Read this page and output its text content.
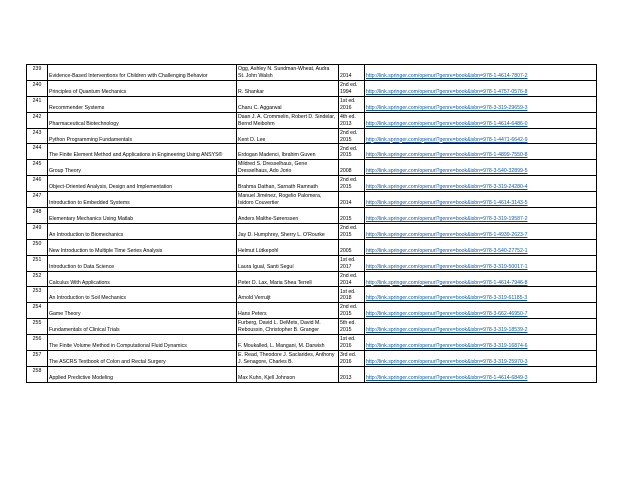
239	Evidence-Based Interventions for Children with Challenging Behavior	Ogg, Ashley N. Sundman-Wheat, Audra St. John Walsh	2014	http://link.springer.com/openurl?genre=book&isbn=978-1-4614-7807-2
240	Principles of Quantum Mechanics	R. Shankar	2nd ed. 1994	http://link.springer.com/openurl?genre=book&isbn=978-1-4757-0576-8
241	Recommender Systems	Charu C. Aggarwal	1st ed. 2016	http://link.springer.com/openurl?genre=book&isbn=978-3-319-29659-3
242	Pharmaceutical Biotechnology	Daan J. A. Crommelin, Robert D. Sindelar, Bernd Meibohm	4th ed. 2013	http://link.springer.com/openurl?genre=book&isbn=978-1-4614-6486-0
243	Python Programming Fundamentals	Kent D. Lee	2nd ed. 2015	http://link.springer.com/openurl?genre=book&isbn=978-1-4471-6642-9
244	The Finite Element Method and Applications in Engineering Using ANSYS®	Erdogan Madenci, Ibrahim Guven	2nd ed. 2015	http://link.springer.com/openurl?genre=book&isbn=978-1-4899-7550-8
245	Group Theory	Mildred S. Dresselhaus, Gene Dresselhaus, Ado Jorio	2008	http://link.springer.com/openurl?genre=book&isbn=978-3-540-32899-5
246	Object-Oriented Analysis, Design and Implementation	Brahma Dathan, Sarnath Ramnath	2nd ed. 2015	http://link.springer.com/openurl?genre=book&isbn=978-3-319-24280-4
247	Introduction to Embedded Systems	Manuel Jiménez, Rogelio Palomera, Isidoro Couvertier	2014	http://link.springer.com/openurl?genre=book&isbn=978-1-4614-3143-5
248	Elementary Mechanics Using Matlab	Anders Malthe-Sørenssen	2015	http://link.springer.com/openurl?genre=book&isbn=978-3-319-19587-2
249	An Introduction to Biomechanics	Jay D. Humphrey, Sherry L. O'Rourke	2nd ed. 2015	http://link.springer.com/openurl?genre=book&isbn=978-1-4939-2623-7
250	New Introduction to Multiple Time Series Analysis	Helmut Lütkepohl	2005	http://link.springer.com/openurl?genre=book&isbn=978-3-540-27752-1
251	Introduction to Data Science	Laura Igual, Santi Seguí	1st ed. 2017	http://link.springer.com/openurl?genre=book&isbn=978-3-319-50017-1
252	Calculus With Applications	Peter D. Lax, Maria Shea Terrell	2nd ed. 2014	http://link.springer.com/openurl?genre=book&isbn=978-1-4614-7946-8
253	An Introduction to Soil Mechanics	Arnold Verruijt	1st ed. 2018	http://link.springer.com/openurl?genre=book&isbn=978-3-319-61185-3
254	Game Theory	Hans Peters	2nd ed. 2015	http://link.springer.com/openurl?genre=book&isbn=978-3-662-46950-7
255	Fundamentals of Clinical Trials	Furberg, David L. DeMets, David M. Reboussin, Christopher B. Granger	5th ed. 2015	http://link.springer.com/openurl?genre=book&isbn=978-3-319-18539-2
256	The Finite Volume Method in Computational Fluid Dynamics	F. Moukalled, L. Mangani, M. Darwish	1st ed. 2016	http://link.springer.com/openurl?genre=book&isbn=978-3-319-16874-6
257	The ASCRS Textbook of Colon and Rectal Surgery	E. Read, Theodore J. Saclarides, Anthony J. Senagore, Charles B.	3rd ed. 2016	http://link.springer.com/openurl?genre=book&isbn=978-3-319-25970-3
258	Applied Predictive Modeling	Max Kuhn, Kjell Johnson	2013	http://link.springer.com/openurl?genre=book&isbn=978-1-4614-6849-3
